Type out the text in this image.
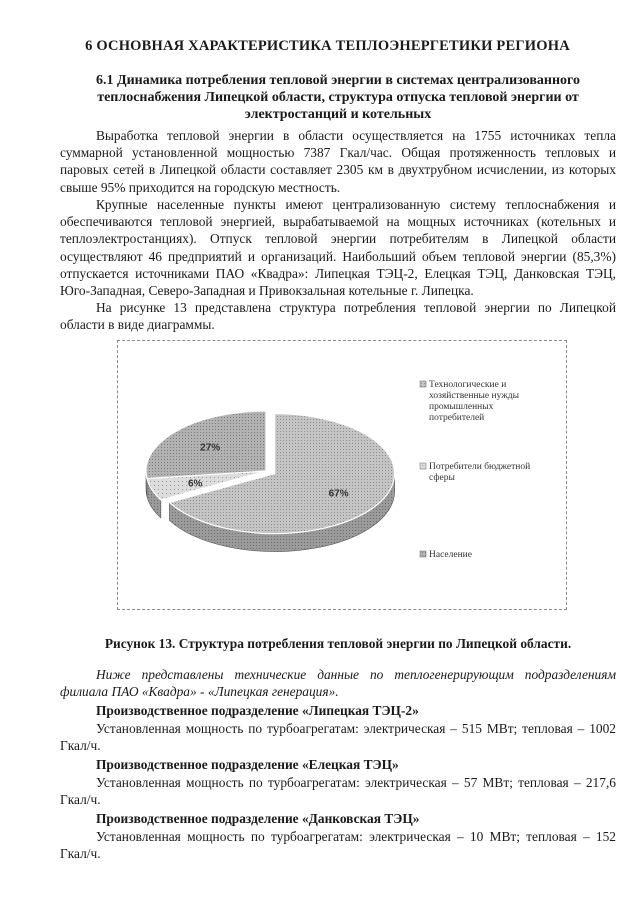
6 ОСНОВНАЯ ХАРАКТЕРИСТИКА ТЕПЛОЭНЕРГЕТИКИ РЕГИОНА
6.1 Динамика потребления тепловой энергии в системах централизованного теплоснабжения Липецкой области, структура отпуска тепловой энергии от электростанций и котельных

Выработка тепловой энергии в области осуществляется на 1755 источниках тепла суммарной установленной мощностью 7387 Гкал/час. Общая протяженность тепловых и паровых сетей в Липецкой области составляет 2305 км в двухтрубном исчислении, из которых свыше 95% приходится на городскую местность.

Крупные населенные пункты имеют централизованную систему теплоснабжения и обеспечиваются тепловой энергией, вырабатываемой на мощных источниках (котельных и теплоэлектростанциях). Отпуск тепловой энергии потребителям в Липецкой области осуществляют 46 предприятий и организаций. Наибольший объем тепловой энергии (85,3%) отпускается источниками ПАО «Квадра»: Липецкая ТЭЦ-2, Елецкая ТЭЦ, Данковская ТЭЦ, Юго-Западная, Северо-Западная и Привокзальная котельные г. Липецка.

На рисунке 13 представлена структура потребления тепловой энергии по Липецкой области в виде диаграммы.

67%
6%
27%
Технологические и
хозяйственные нужды
промышленных
потребителей
Потребители бюджетной
сферы
Население

Рисунок 13. Структура потребления тепловой энергии по Липецкой области.

Ниже представлены технические данные по теплогенерирующим подразделениям филиала ПАО «Квадра» - «Липецкая генерация».

Производственное подразделение «Липецкая ТЭЦ-2»

Установленная мощность по турбоагрегатам: электрическая – 515 МВт; тепловая – 1002 Гкал/ч.

Производственное подразделение «Елецкая ТЭЦ»

Установленная мощность по турбоагрегатам: электрическая – 57 МВт; тепловая – 217,6 Гкал/ч.

Производственное подразделение «Данковская ТЭЦ»

Установленная мощность по турбоагрегатам: электрическая – 10 МВт; тепловая – 152 Гкал/ч.
